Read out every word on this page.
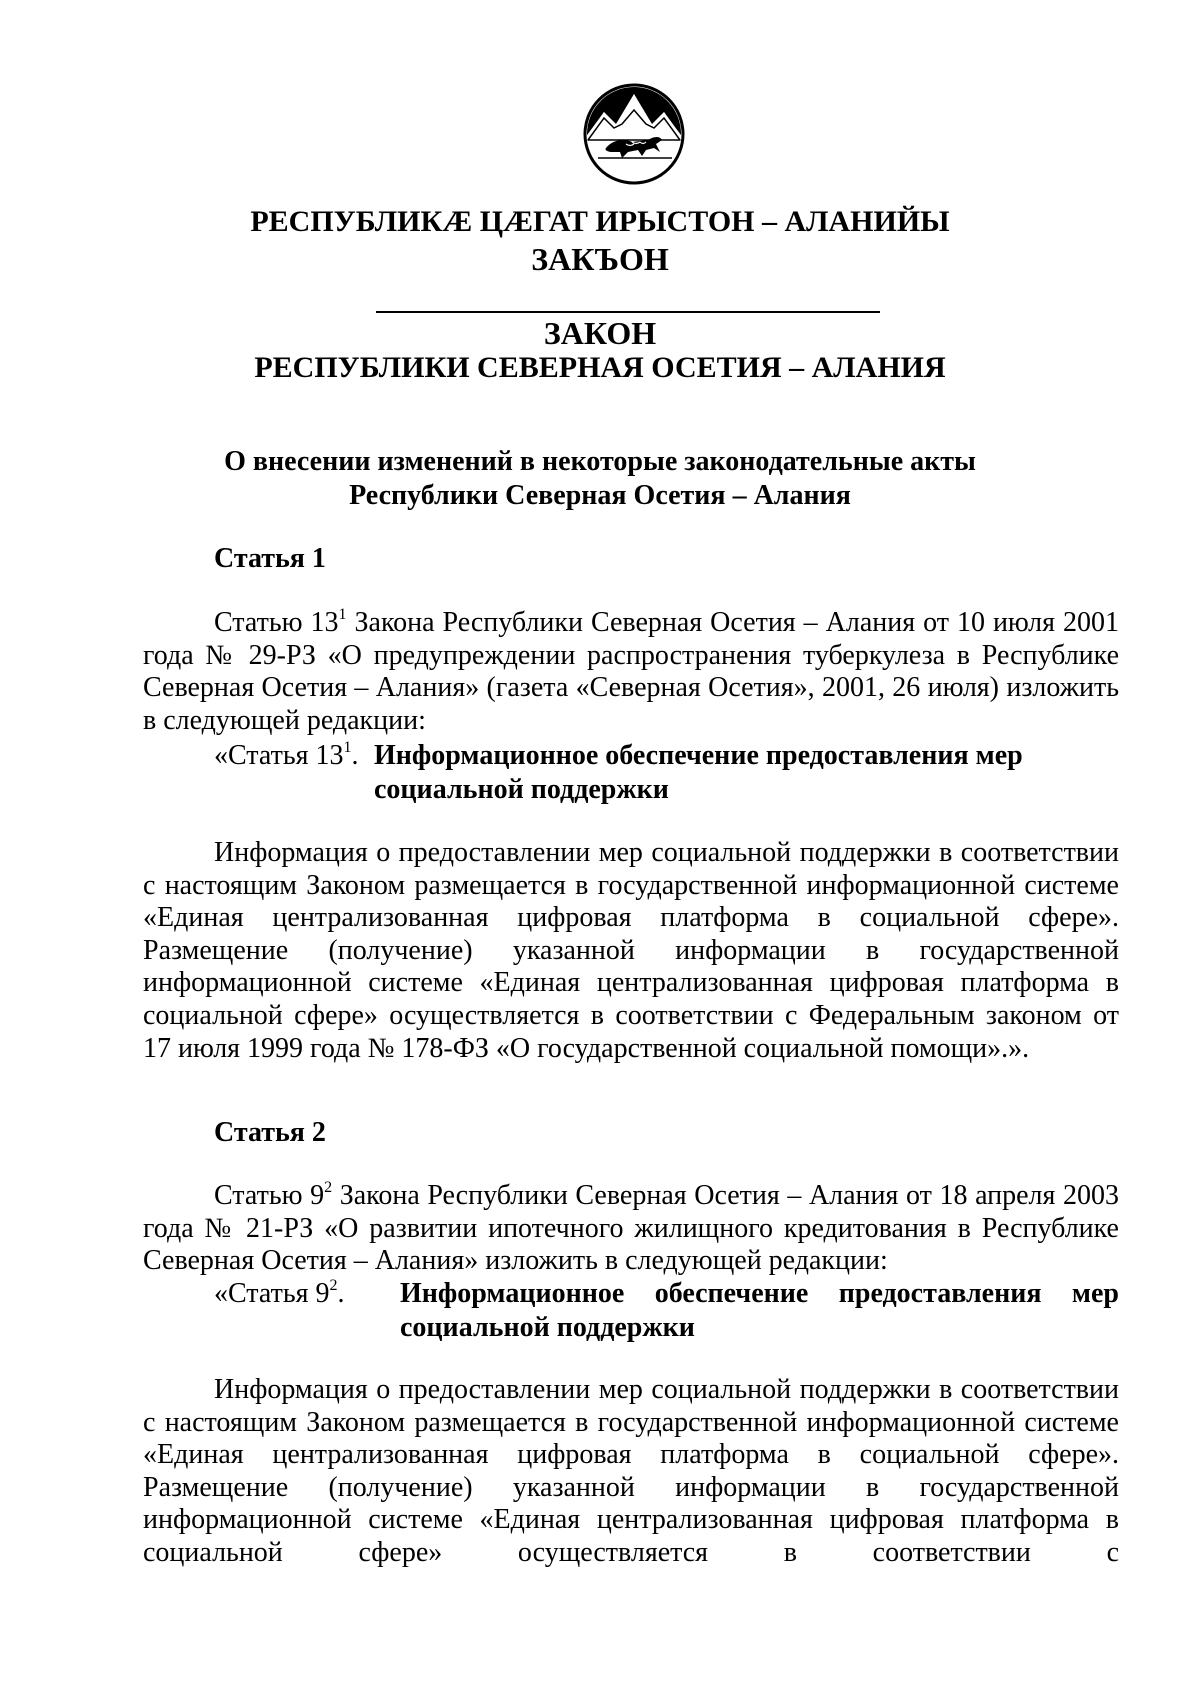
РЕСПУБЛИКӔ ЦӔГАТ ИРЫСТОН – АЛАНИЙЫ
ЗАКЪОН
ЗАКОН
РЕСПУБЛИКИ СЕВЕРНАЯ ОСЕТИЯ – АЛАНИЯ
О внесении изменений в некоторые законодательные акты
Республики Северная Осетия – Алания
Статья 1
Статью $13^1$ Закона Республики Северная Осетия – Алания от 10 июля 2001 года № 29-РЗ «О предупреждении распространения туберкулеза в Республике Северная Осетия – Алания» (газета «Северная Осетия», 2001, 26 июля) изложить в следующей редакции:
«Статья $13^1$. Информационное обеспечение предоставления мер
социальной поддержки
Информация о предоставлении мер социальной поддержки в соответствии с настоящим Законом размещается в государственной информационной системе «Единая централизованная цифровая платформа в социальной сфере». Размещение (получение) указанной информации в государственной информационной системе «Единая централизованная цифровая платформа в социальной сфере» осуществляется в соответствии с Федеральным законом от 17 июля 1999 года № 178-ФЗ «О государственной социальной помощи».».
Статья 2
Статью $9^2$ Закона Республики Северная Осетия – Алания от 18 апреля 2003 года № 21-РЗ «О развитии ипотечного жилищного кредитования в Республике Северная Осетия – Алания» изложить в следующей редакции:
«Статья $9^2$. Информационное обеспечение предоставления мер
социальной поддержки
Информация о предоставлении мер социальной поддержки в соответствии с настоящим Законом размещается в государственной информационной системе «Единая централизованная цифровая платформа в социальной сфере». Размещение (получение) указанной информации в государственной информационной системе «Единая централизованная цифровая платформа в социальной сфере» осуществляется в соответствии с
